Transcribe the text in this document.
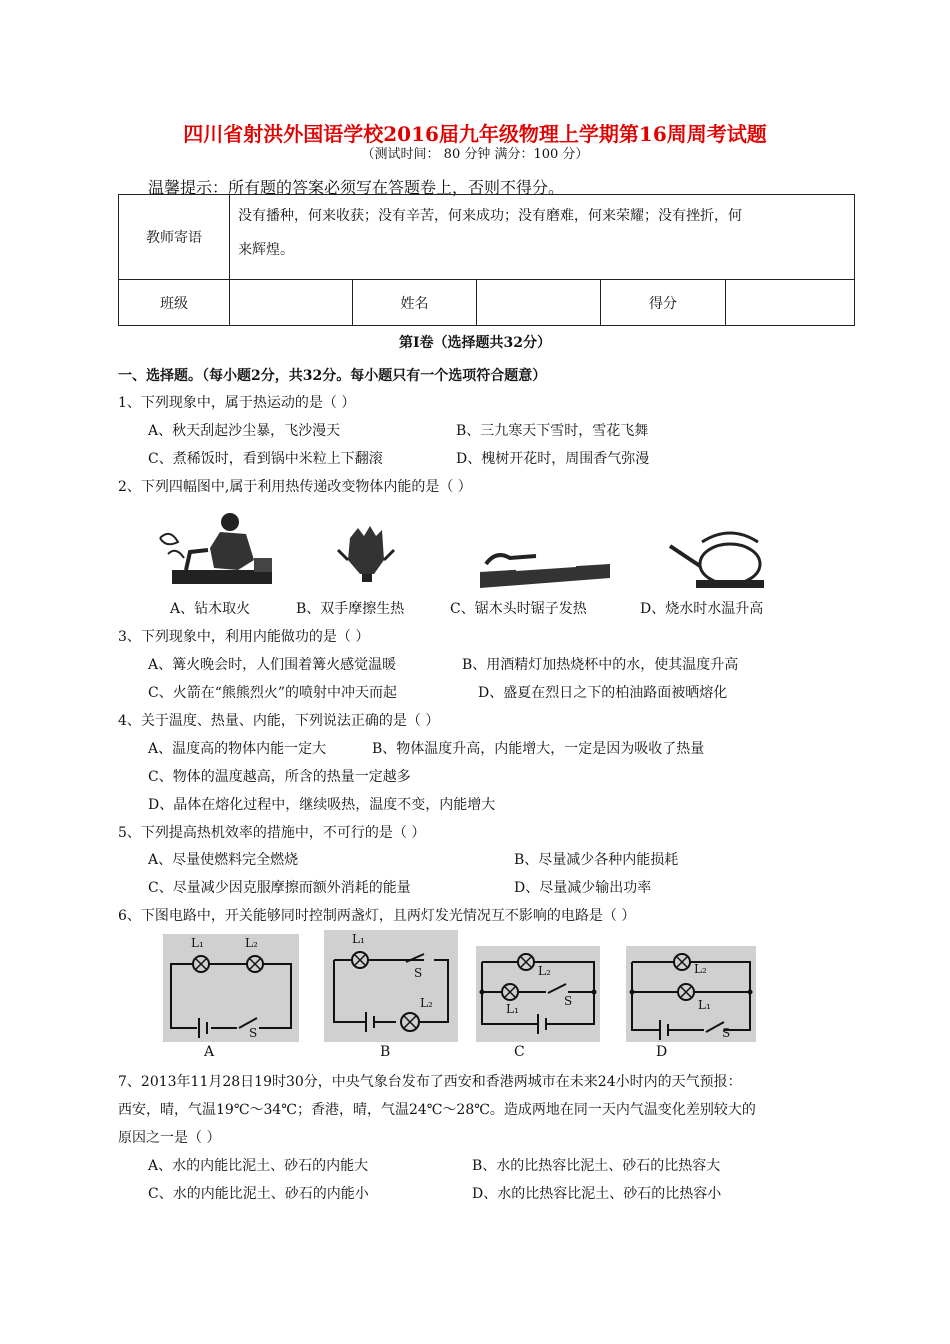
四川省射洪外国语学校2016届九年级物理上学期第16周周考试题
（测试时间： 80 分钟 满分：100 分）
温馨提示：所有题的答案必须写在答题卷上，否则不得分。
教师寄语	没有播种，何来收获；没有辛苦，何来成功；没有磨难，何来荣耀；没有挫折，何
来辉煌。				

班级		姓名		得分	
第Ⅰ卷（选择题共32分）
一、选择题。（每小题2分，共32分。每小题只有一个选项符合题意）
1、下列现象中，属于热运动的是（ ）
A、秋天刮起沙尘暴，飞沙漫天	B、三九寒天下雪时，雪花飞舞
C、煮稀饭时，看到锅中米粒上下翻滚	D、槐树开花时，周围香气弥漫
2、下列四幅图中,属于利用热传递改变物体内能的是（ ）
A、钻木取火	B、双手摩擦生热	C、锯木头时锯子发热	D、烧水时水温升高
3、下列现象中，利用内能做功的是（ ）
A、篝火晚会时，人们围着篝火感觉温暖	B、用酒精灯加热烧杯中的水，使其温度升高
C、火箭在“熊熊烈火”的喷射中冲天而起	D、盛夏在烈日之下的柏油路面被晒熔化
4、关于温度、热量、内能，下列说法正确的是（ ）
A、温度高的物体内能一定大	B、物体温度升高，内能增大，一定是因为吸收了热量
C、物体的温度越高，所含的热量一定越多
D、晶体在熔化过程中，继续吸热，温度不变，内能增大
5、下列提高热机效率的措施中，不可行的是（ ）
A、尽量使燃料完全燃烧	B、尽量减少各种内能损耗
C、尽量减少因克服摩擦而额外消耗的能量	D、尽量减少输出功率
6、下图电路中，开关能够同时控制两盏灯，且两灯发光情况互不影响的电路是（ ）
L₁	L₂
S
A
L₁
S
L₂
B
L₂
L₁
S
C
L₂
L₁
S
D
7、2013年11月28日19时30分，中央气象台发布了西安和香港两城市在未来24小时内的天气预报：
西安，晴，气温19℃～34℃；香港，晴，气温24℃～28℃。造成两地在同一天内气温变化差别较大的
原因之一是（ ）
A、水的内能比泥土、砂石的内能大	B、水的比热容比泥土、砂石的比热容大
C、水的内能比泥土、砂石的内能小	D、水的比热容比泥土、砂石的比热容小
